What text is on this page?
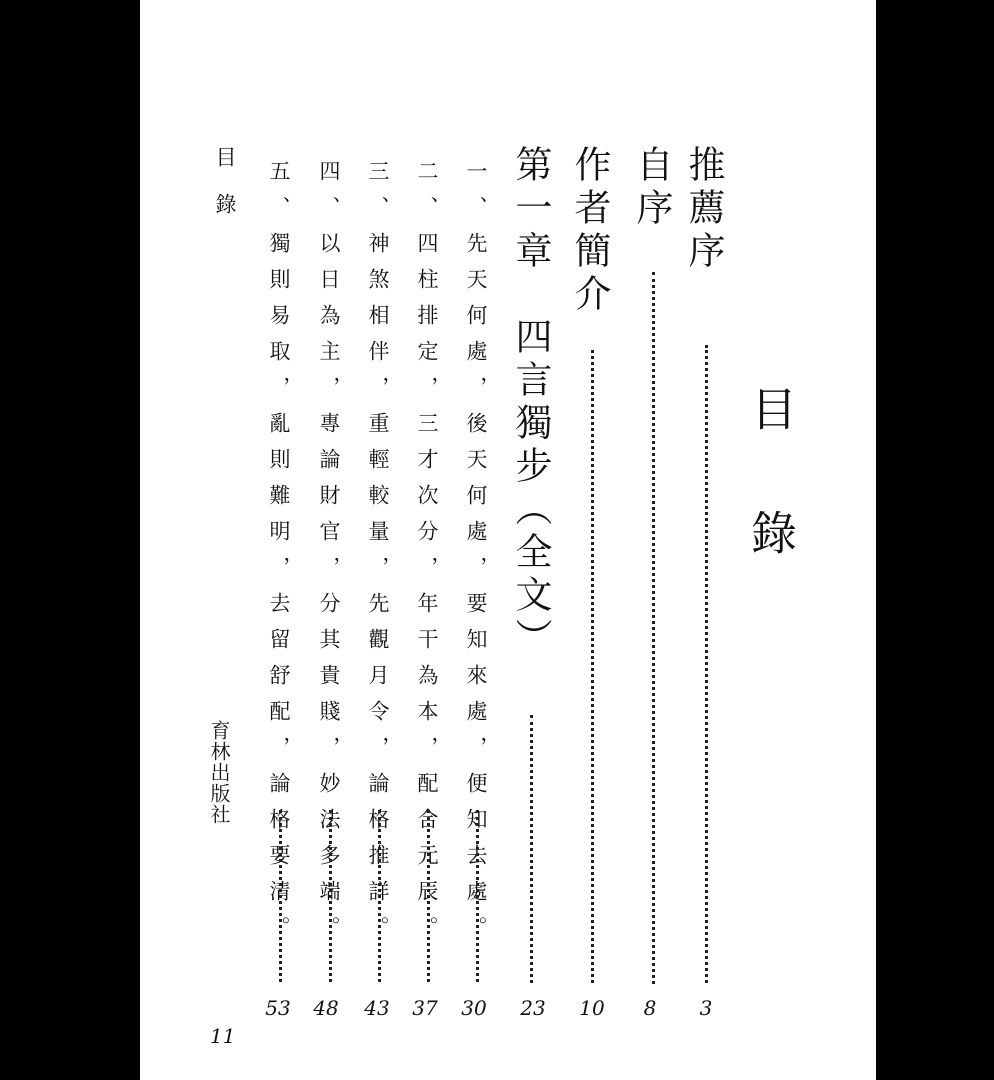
目錄
推薦序
3
自序
8
作者簡介
10
第一章　四言獨步（全文）
23
一、先天何處，後天何處，要知來處，便知去處。
30
二、四柱排定，三才次分，年干為本，配合元辰。
37
三、神煞相伴，重輕較量，先觀月令，論格推詳。
43
四、以日為主，專論財官，分其貴賤，妙法多端。
48
五、獨則易取，亂則難明，去留舒配，論格要清。
53
目錄
育林出版社
11
